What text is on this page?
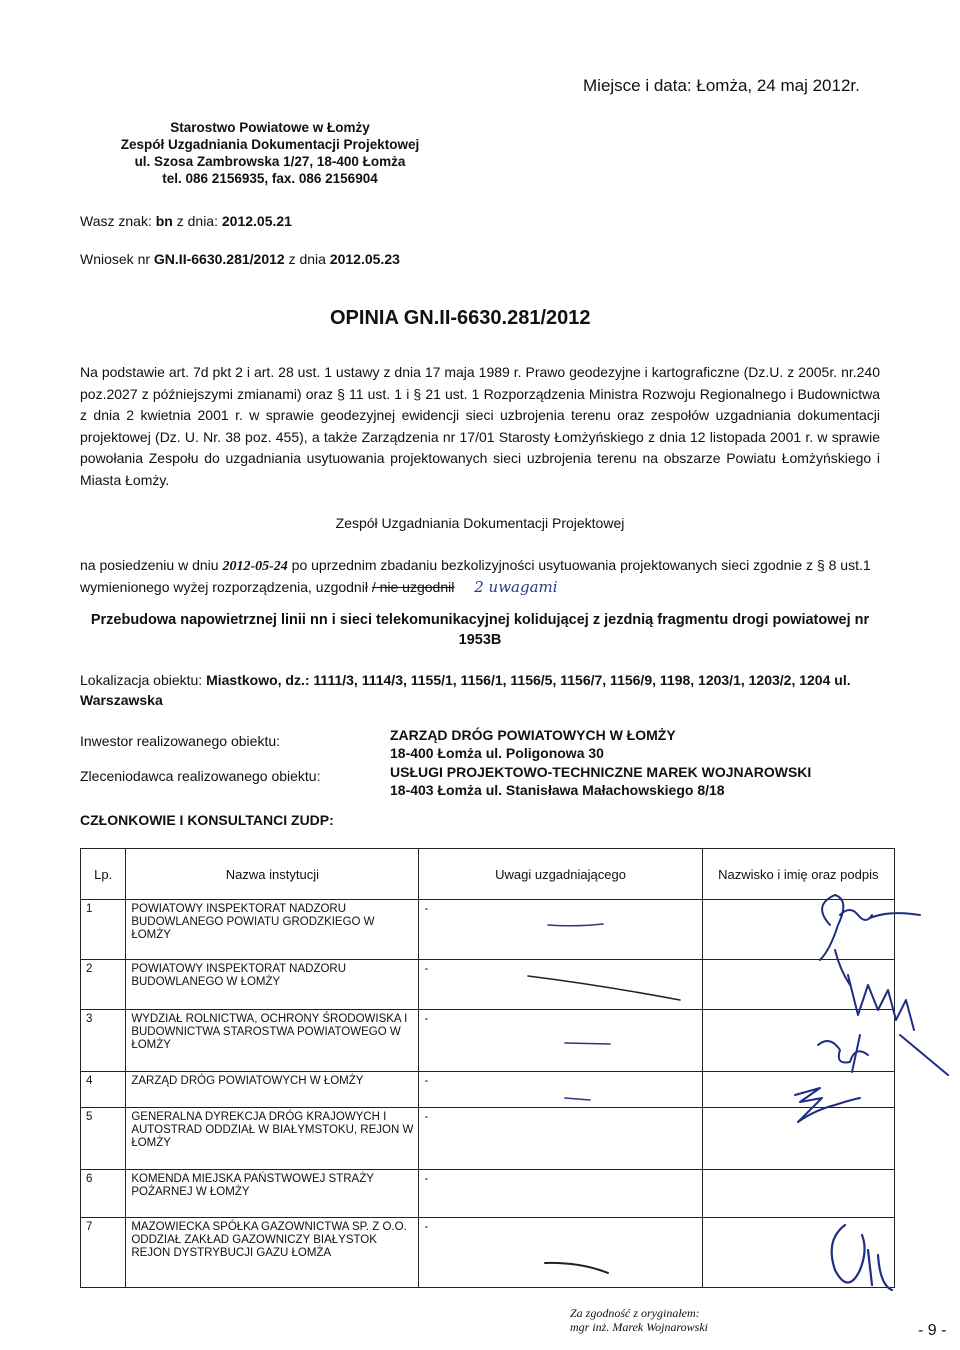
Miejsce i data: Łomża, 24 maj 2012r.
Starostwo Powiatowe w Łomży
Zespół Uzgadniania Dokumentacji Projektowej
ul. Szosa Zambrowska 1/27, 18-400 Łomża
tel. 086 2156935, fax. 086 2156904
Wasz znak: bn z dnia: 2012.05.21
Wniosek nr GN.II-6630.281/2012 z dnia 2012.05.23
OPINIA GN.II-6630.281/2012
Na podstawie art. 7d pkt 2 i art. 28 ust. 1 ustawy z dnia 17 maja 1989 r. Prawo geodezyjne i kartograficzne (Dz.U. z 2005r. nr.240 poz.2027 z późniejszymi zmianami) oraz § 11 ust. 1 i § 21 ust. 1 Rozporządzenia Ministra Rozwoju Regionalnego i Budownictwa z dnia 2 kwietnia 2001 r. w sprawie geodezyjnej ewidencji sieci uzbrojenia terenu oraz zespołów uzgadniania dokumentacji projektowej (Dz. U. Nr. 38 poz. 455), a także Zarządzenia nr 17/01 Starosty Łomżyńskiego z dnia 12 listopada 2001 r. w sprawie powołania Zespołu do uzgadniania usytuowania projektowanych sieci uzbrojenia terenu na obszarze Powiatu Łomżyńskiego i Miasta Łomży.
Zespół Uzgadniania Dokumentacji Projektowej
na posiedzeniu w dniu 2012-05-24 po uprzednim zbadaniu bezkolizyjności usytuowania projektowanych sieci zgodnie z § 8 ust.1 wymienionego wyżej rozporządzenia, uzgodnił / nie uzgodnił 2 uwagami
Przebudowa napowietrznej linii nn i sieci telekomunikacyjnej kolidującej z jezdnią fragmentu drogi powiatowej nr 1953B
Lokalizacja obiektu: Miastkowo, dz.: 1111/3, 1114/3, 1155/1, 1156/1, 1156/5, 1156/7, 1156/9, 1198, 1203/1, 1203/2, 1204 ul. Warszawska
Inwestor realizowanego obiektu:	ZARZĄD DRÓG POWIATOWYCH W ŁOMŻY
18-400 Łomża ul. Poligonowa 30
Zleceniodawca realizowanego obiektu:	USŁUGI PROJEKTOWO-TECHNICZNE MAREK WOJNAROWSKI
18-403 Łomża ul. Stanisława Małachowskiego 8/18
CZŁONKOWIE I KONSULTANCI ZUDP:
Lp.	Nazwa instytucji	Uwagi uzgadniającego	Nazwisko i imię oraz podpis
1	POWIATOWY INSPEKTORAT NADZORU BUDOWLANEGO POWIATU GRODZKIEGO W ŁOMŻY	-	
2	POWIATOWY INSPEKTORAT NADZORU BUDOWLANEGO W ŁOMŻY	-	
3	WYDZIAŁ ROLNICTWA, OCHRONY ŚRODOWISKA I BUDOWNICTWA STAROSTWA POWIATOWEGO W ŁOMŻY	-	
4	ZARZĄD DRÓG POWIATOWYCH W ŁOMŻY	-	
5	GENERALNA DYREKCJA DRÓG KRAJOWYCH I AUTOSTRAD ODDZIAŁ W BIAŁYMSTOKU, REJON W ŁOMŻY	-	
6	KOMENDA MIEJSKA PAŃSTWOWEJ STRAŻY POŻARNEJ W ŁOMŻY	-	
7	MAZOWIECKA SPÓŁKA GAZOWNICTWA SP. Z O.O. ODDZIAŁ ZAKŁAD GAZOWNICZY BIAŁYSTOK REJON DYSTRYBUCJI GAZU ŁOMŻA	-	
Za zgodność z oryginałem:
mgr inż. Marek Wojnarowski	- 9 -
